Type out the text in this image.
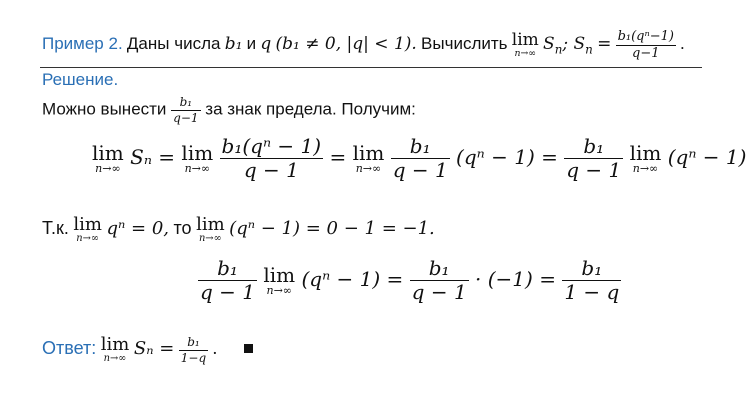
Пример 2. Даны числа b₁ и q (b₁ ≠ 0, |q| < 1). Вычислить lim
n→∞ $S_n$; $S_n = \frac{\text{b₁(qⁿ−1)}}{q-1}$ .
Решение.
Можно вынести $\frac{\text{b₁}}{q-1}$ за знак предела. Получим:
lim
n→∞ Sₙ = lim
n→∞
$\frac{\text{b₁(qⁿ − 1)}}{q - 1} = \lim$
n→∞
$\frac{\text{b₁}}{q - 1} (q^n - 1) = \frac{\text{b₁}}{q - 1}$
lim
n→∞ (qⁿ − 1)
Т.к. lim
n→∞ qⁿ = 0, то lim
n→∞ (qⁿ − 1) = 0 − 1 = −1.
$\frac{\text{b₁}}{q - 1}$
lim
n→∞ $(q^n - 1) = \frac{\text{b₁}}{q - 1} \cdot (-1) = \frac{\text{b₁}}{1 - q}$
Ответ: lim
n→∞ $S_n = \frac{\text{b₁}}{1-q}$ .
